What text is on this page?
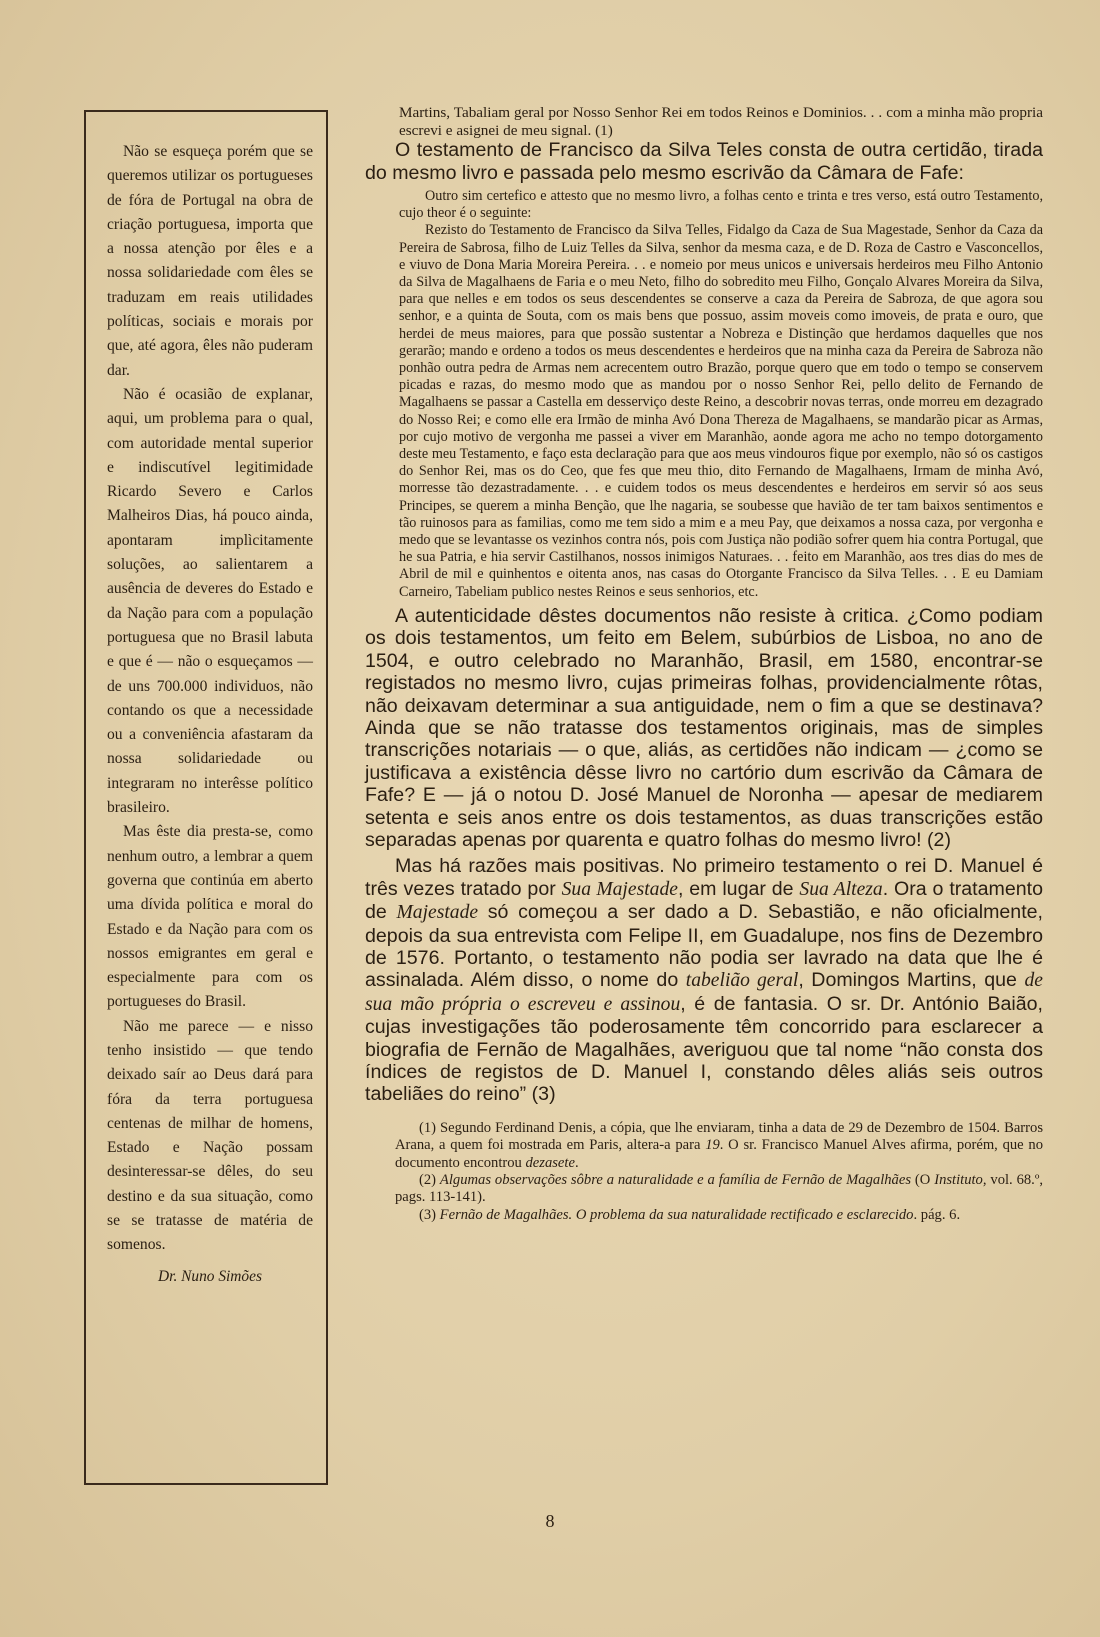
Não se esqueça porém que se queremos utilizar os portugueses de fóra de Portugal na obra de criação portuguesa, importa que a nossa atenção por êles e a nossa solidariedade com êles se traduzam em reais utilidades políticas, sociais e morais por que, até agora, êles não puderam dar.

Não é ocasião de explanar, aqui, um problema para o qual, com autoridade mental superior e indiscutível legitimidade Ricardo Severo e Carlos Malheiros Dias, há pouco ainda, apontaram implìcitamente soluções, ao salientarem a ausência de deveres do Estado e da Nação para com a população portuguesa que no Brasil labuta e que é — não o esqueçamos — de uns 700.000 individuos, não contando os que a necessidade ou a conveniência afastaram da nossa solidariedade ou integraram no interêsse político brasileiro.

Mas êste dia presta-se, como nenhum outro, a lembrar a quem governa que continúa em aberto uma dívida política e moral do Estado e da Nação para com os nossos emigrantes em geral e especialmente para com os portugueses do Brasil.

Não me parece — e nisso tenho insistido — que tendo deixado saír ao Deus dará para fóra da terra portuguesa centenas de milhar de homens, Estado e Nação possam desinteressar-se dêles, do seu destino e da sua situação, como se se tratasse de matéria de somenos.

Dr. Nuno Simões

Martins, Tabaliam geral por Nosso Senhor Rei em todos Reinos e Dominios. . . com a minha mão propria escrevi e asignei de meu signal. (1)

O testamento de Francisco da Silva Teles consta de outra certidão, tirada do mesmo livro e passada pelo mesmo escrivão da Câmara de Fafe:

Outro sim certefico e attesto que no mesmo livro, a folhas cento e trinta e tres verso, está outro Testamento, cujo theor é o seguinte:

Rezisto do Testamento de Francisco da Silva Telles, Fidalgo da Caza de Sua Magestade, Senhor da Caza da Pereira de Sabrosa, filho de Luiz Telles da Silva, senhor da mesma caza, e de D. Roza de Castro e Vasconcellos, e viuvo de Dona Maria Moreira Pereira. . . e nomeio por meus unicos e universais herdeiros meu Filho Antonio da Silva de Magalhaens de Faria e o meu Neto, filho do sobredito meu Filho, Gonçalo Alvares Moreira da Silva, para que nelles e em todos os seus descendentes se conserve a caza da Pereira de Sabroza, de que agora sou senhor, e a quinta de Souta, com os mais bens que possuo, assim moveis como imoveis, de prata e ouro, que herdei de meus maiores, para que possão sustentar a Nobreza e Distinção que herdamos daquelles que nos gerarão; mando e ordeno a todos os meus descendentes e herdeiros que na minha caza da Pereira de Sabroza não ponhão outra pedra de Armas nem acrecentem outro Brazão, porque quero que em todo o tempo se conservem picadas e razas, do mesmo modo que as mandou por o nosso Senhor Rei, pello delito de Fernando de Magalhaens se passar a Castella em desserviço deste Reino, a descobrir novas terras, onde morreu em dezagrado do Nosso Rei; e como elle era Irmão de minha Avó Dona Thereza de Magalhaens, se mandarão picar as Armas, por cujo motivo de vergonha me passei a viver em Maranhão, aonde agora me acho no tempo dotorgamento deste meu Testamento, e faço esta declaração para que aos meus vindouros fique por exemplo, não só os castigos do Senhor Rei, mas os do Ceo, que fes que meu thio, dito Fernando de Magalhaens, Irmam de minha Avó, morresse tão dezastradamente. . . e cuidem todos os meus descendentes e herdeiros em servir só aos seus Principes, se querem a minha Benção, que lhe nagaria, se soubesse que havião de ter tam baixos sentimentos e tão ruinosos para as familias, como me tem sido a mim e a meu Pay, que deixamos a nossa caza, por vergonha e medo que se levantasse os vezinhos contra nós, pois com Justiça não podião sofrer quem hia contra Portugal, que he sua Patria, e hia servir Castilhanos, nossos inimigos Naturaes. . . feito em Maranhão, aos tres dias do mes de Abril de mil e quinhentos e oitenta anos, nas casas do Otorgante Francisco da Silva Telles. . . E eu Damiam Carneiro, Tabeliam publico nestes Reinos e seus senhorios, etc.

A autenticidade dêstes documentos não resiste à critica. ¿Como podiam os dois testamentos, um feito em Belem, subúrbios de Lisboa, no ano de 1504, e outro celebrado no Maranhão, Brasil, em 1580, encontrar-se registados no mesmo livro, cujas primeiras folhas, providencialmente rôtas, não deixavam determinar a sua antiguidade, nem o fim a que se destinava? Ainda que se não tratasse dos testamentos originais, mas de simples transcrições notariais — o que, aliás, as certidões não indicam — ¿como se justificava a existência dêsse livro no cartório dum escrivão da Câmara de Fafe? E — já o notou D. José Manuel de Noronha — apesar de mediarem setenta e seis anos entre os dois testamentos, as duas transcrições estão separadas apenas por quarenta e quatro folhas do mesmo livro! (2)

Mas há razões mais positivas. No primeiro testamento o rei D. Manuel é três vezes tratado por Sua Majestade, em lugar de Sua Alteza. Ora o tratamento de Majestade só começou a ser dado a D. Sebastião, e não oficialmente, depois da sua entrevista com Felipe II, em Guadalupe, nos fins de Dezembro de 1576. Portanto, o testamento não podia ser lavrado na data que lhe é assinalada. Além disso, o nome do tabelião geral, Domingos Martins, que de sua mão própria o escreveu e assinou, é de fantasia. O sr. Dr. António Baião, cujas investigações tão poderosamente têm concorrido para esclarecer a biografia de Fernão de Magalhães, averiguou que tal nome “não consta dos índices de registos de D. Manuel I, constando dêles aliás seis outros tabeliães do reino” (3)

(1) Segundo Ferdinand Denis, a cópia, que lhe enviaram, tinha a data de 29 de Dezembro de 1504. Barros Arana, a quem foi mostrada em Paris, altera-a para 19. O sr. Francisco Manuel Alves afirma, porém, que no documento encontrou dezasete.

(2) Algumas observações sôbre a naturalidade e a família de Fernão de Magalhães (O Instituto, vol. 68.º, pags. 113-141).

(3) Fernão de Magalhães. O problema da sua naturalidade rectificado e esclarecido. pág. 6.

8
